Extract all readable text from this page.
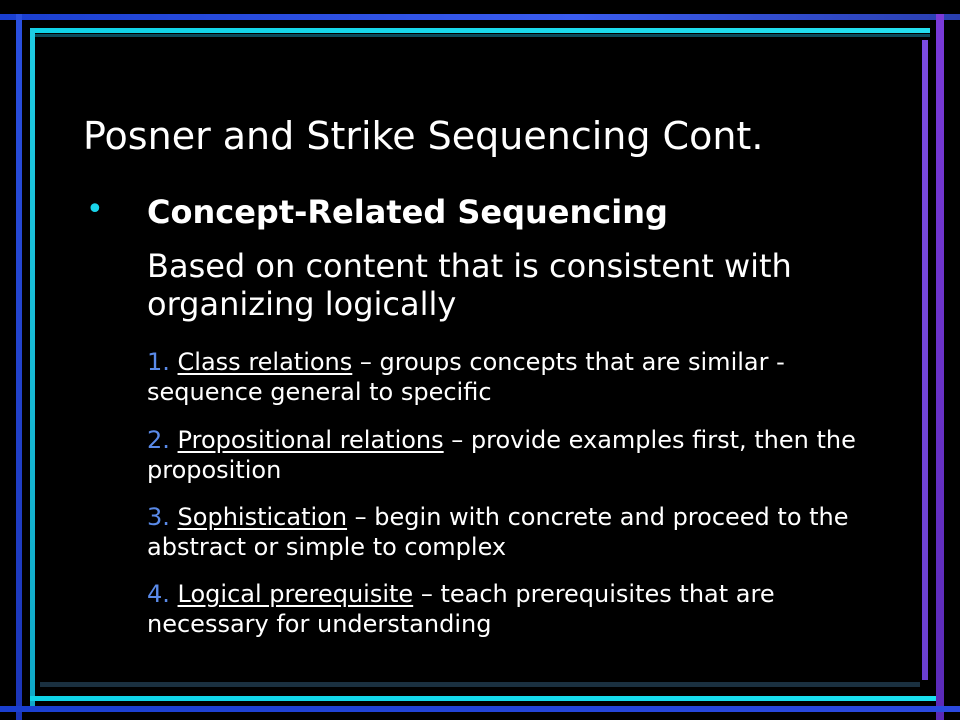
Posner and Strike Sequencing Cont.
• Concept-Related Sequencing
Based on content that is consistent with organizing logically
1. Class relations – groups concepts that are similar - sequence general to specific
2. Propositional relations – provide examples first, then the proposition
3. Sophistication – begin with concrete and proceed to the abstract or simple to complex
4. Logical prerequisite – teach prerequisites that are necessary for understanding
